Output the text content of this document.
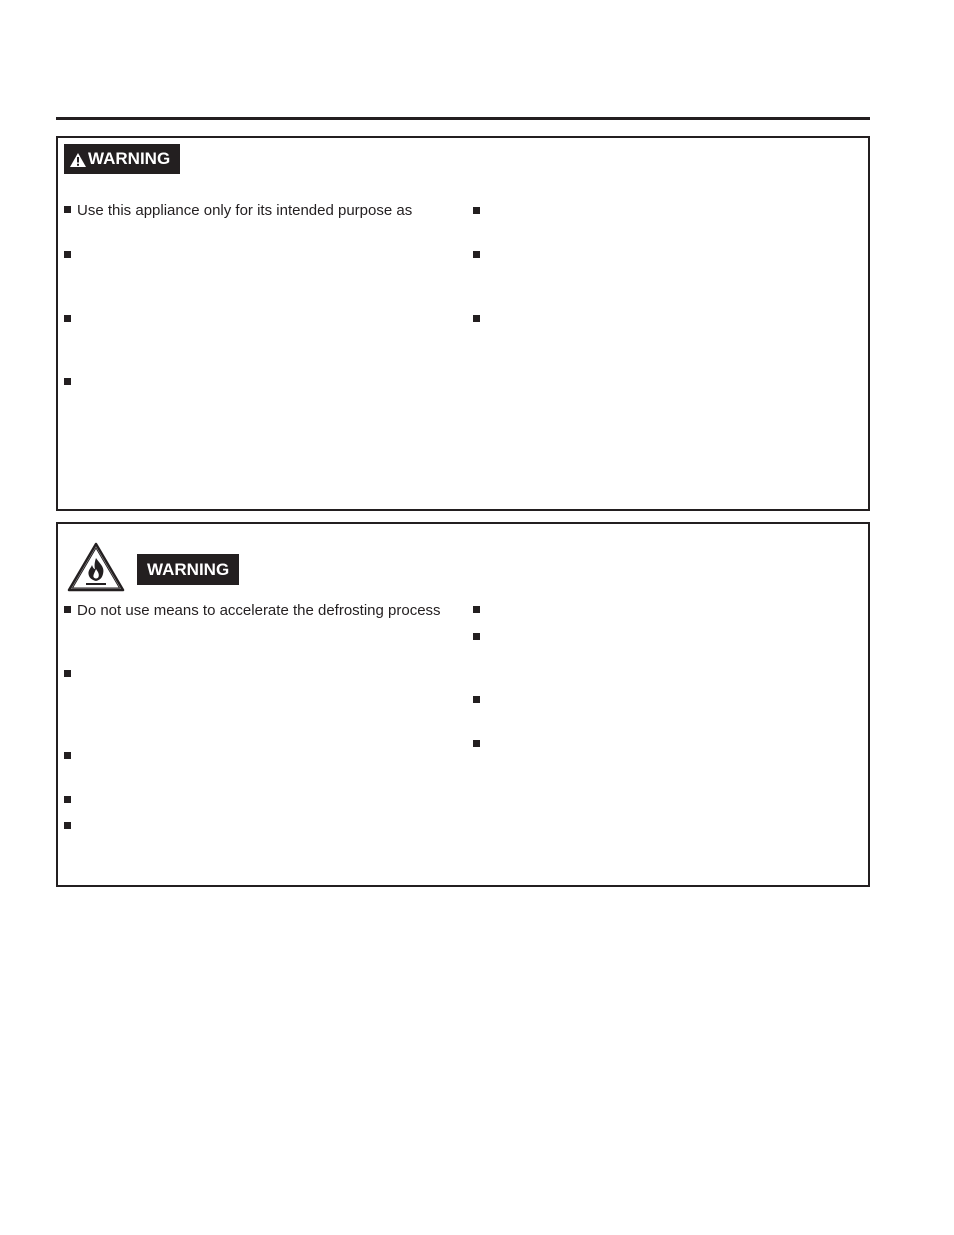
WARNING
Use this appliance only for its intended purpose as
WARNING
Do not use means to accelerate the defrosting process
